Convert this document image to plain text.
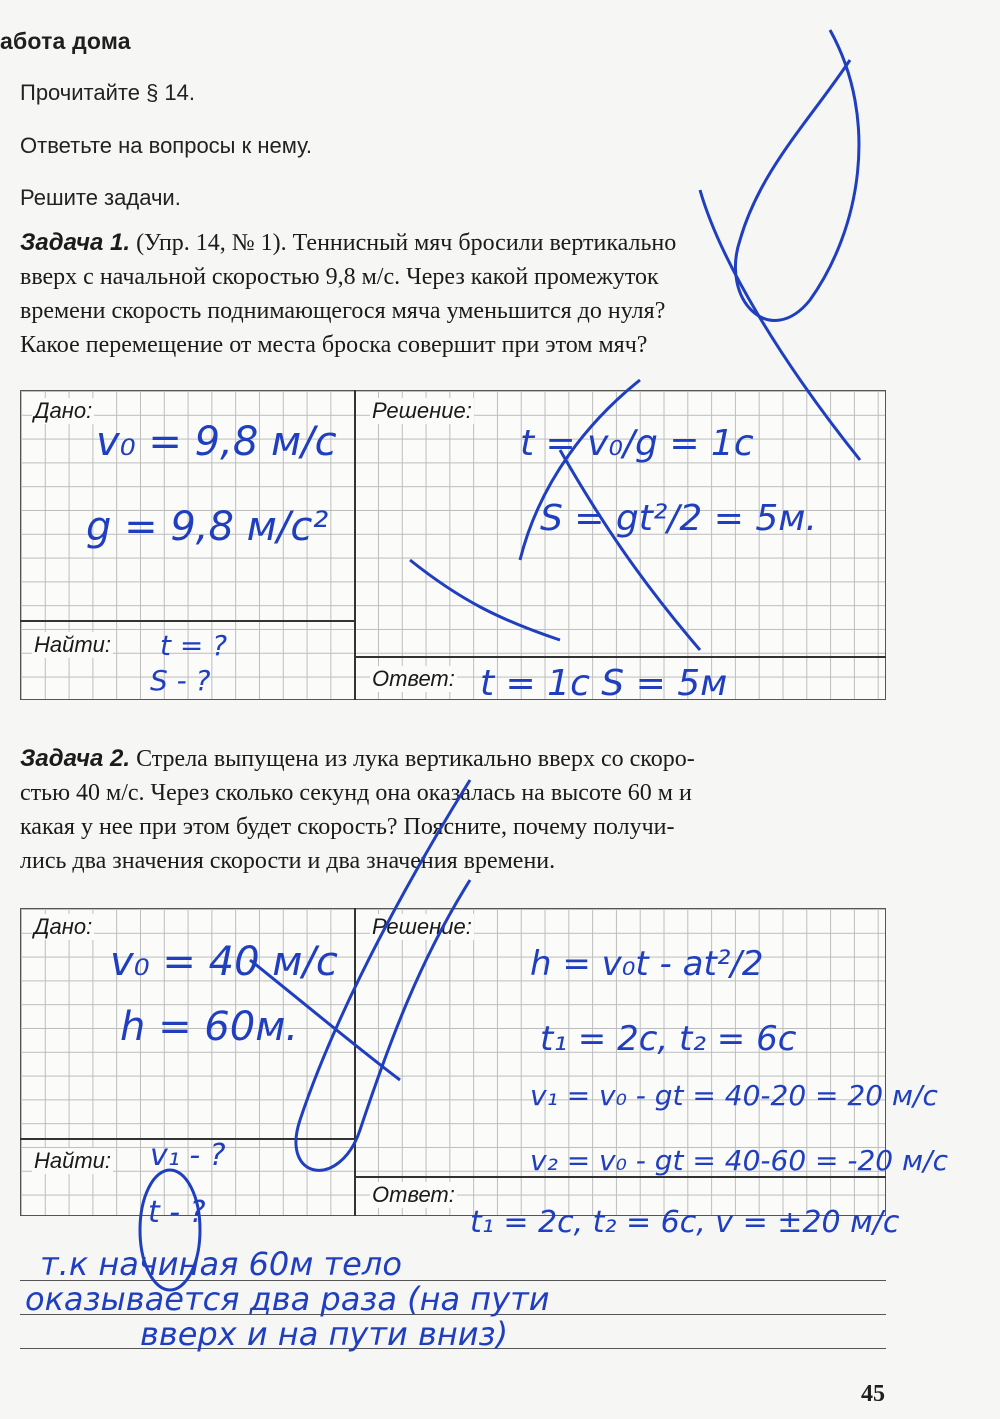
абота дома
Прочитайте § 14.
Ответьте на вопросы к нему.
Решите задачи.
Задача 1. (Упр. 14, № 1). Теннисный мяч бросили вертикально
вверх с начальной скоростью 9,8 м/с. Через какой промежуток
времени скорость поднимающегося мяча уменьшится до нуля?
Какое перемещение от места броска совершит при этом мяч?
Дано:	Решение:
Найти:
Ответ:
Задача 2. Стрела выпущена из лука вертикально вверх со скоро-
стью 40 м/с. Через сколько секунд она оказалась на высоте 60 м и
какая у нее при этом будет скорость? Поясните, почему получи-
лись два значения скорости и два значения времени.
Дано:	Решение:
Найти:
Ответ:
45
v₀ = 9,8 м/с
g = 9,8 м/с²
t = ?
S - ?
t = v₀/g = 1с
S = gt²/2 = 5м.
t = 1с S = 5м
v₀ = 40 м/с
h = 60м.
v₁ - ?
t - ?
h = v₀t - at²/2
t₁ = 2с, t₂ = 6с
v₁ = v₀ - gt = 40-20 = 20 м/с
v₂ = v₀ - gt = 40-60 = -20 м/с
t₁ = 2с, t₂ = 6с, v = ±20 м/с
т.к начиная 60м тело
оказывается два раза (на пути
вверх и на пути вниз)
